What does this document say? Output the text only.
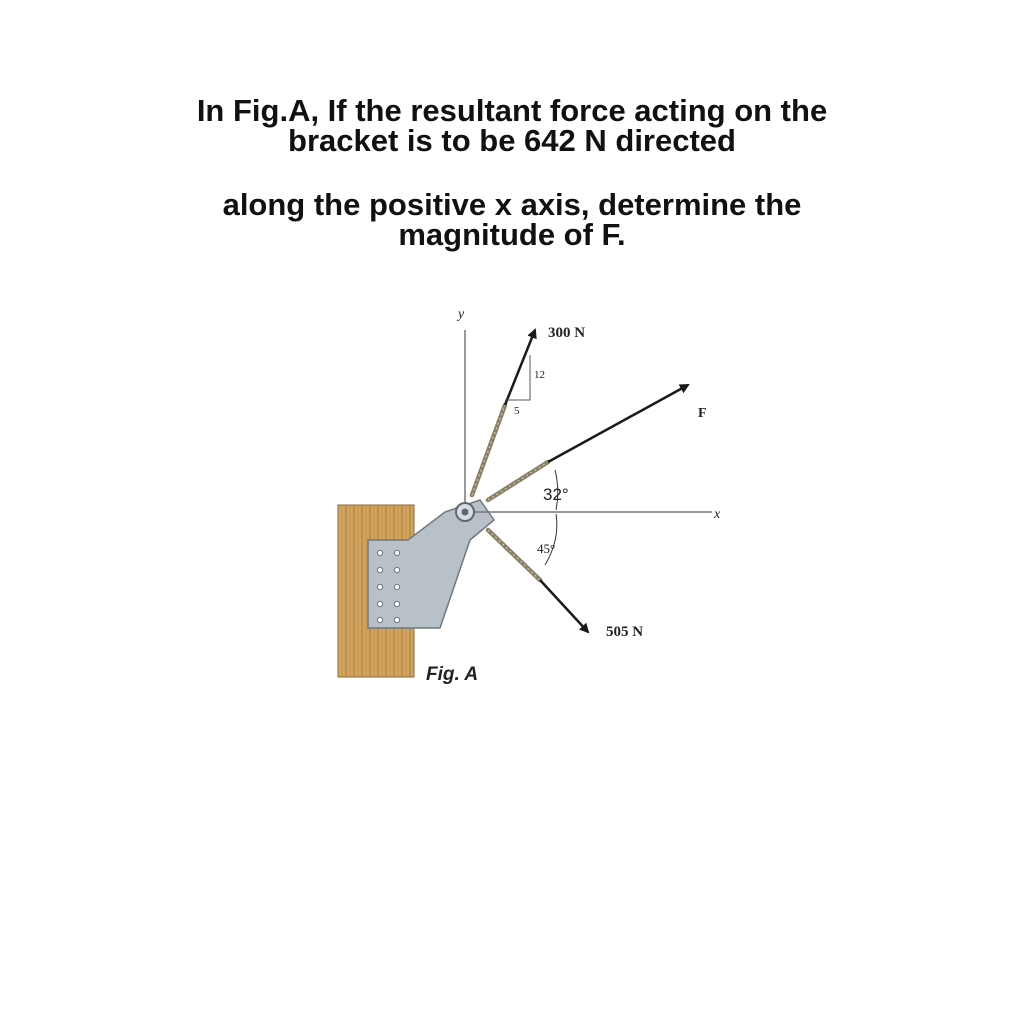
In Fig.A, If the resultant force acting on the
bracket is to be 642 N directed
along the positive x axis, determine the
magnitude of F.
y
x
12
5
32°
45°
300 N
F
505 N
Fig. A
